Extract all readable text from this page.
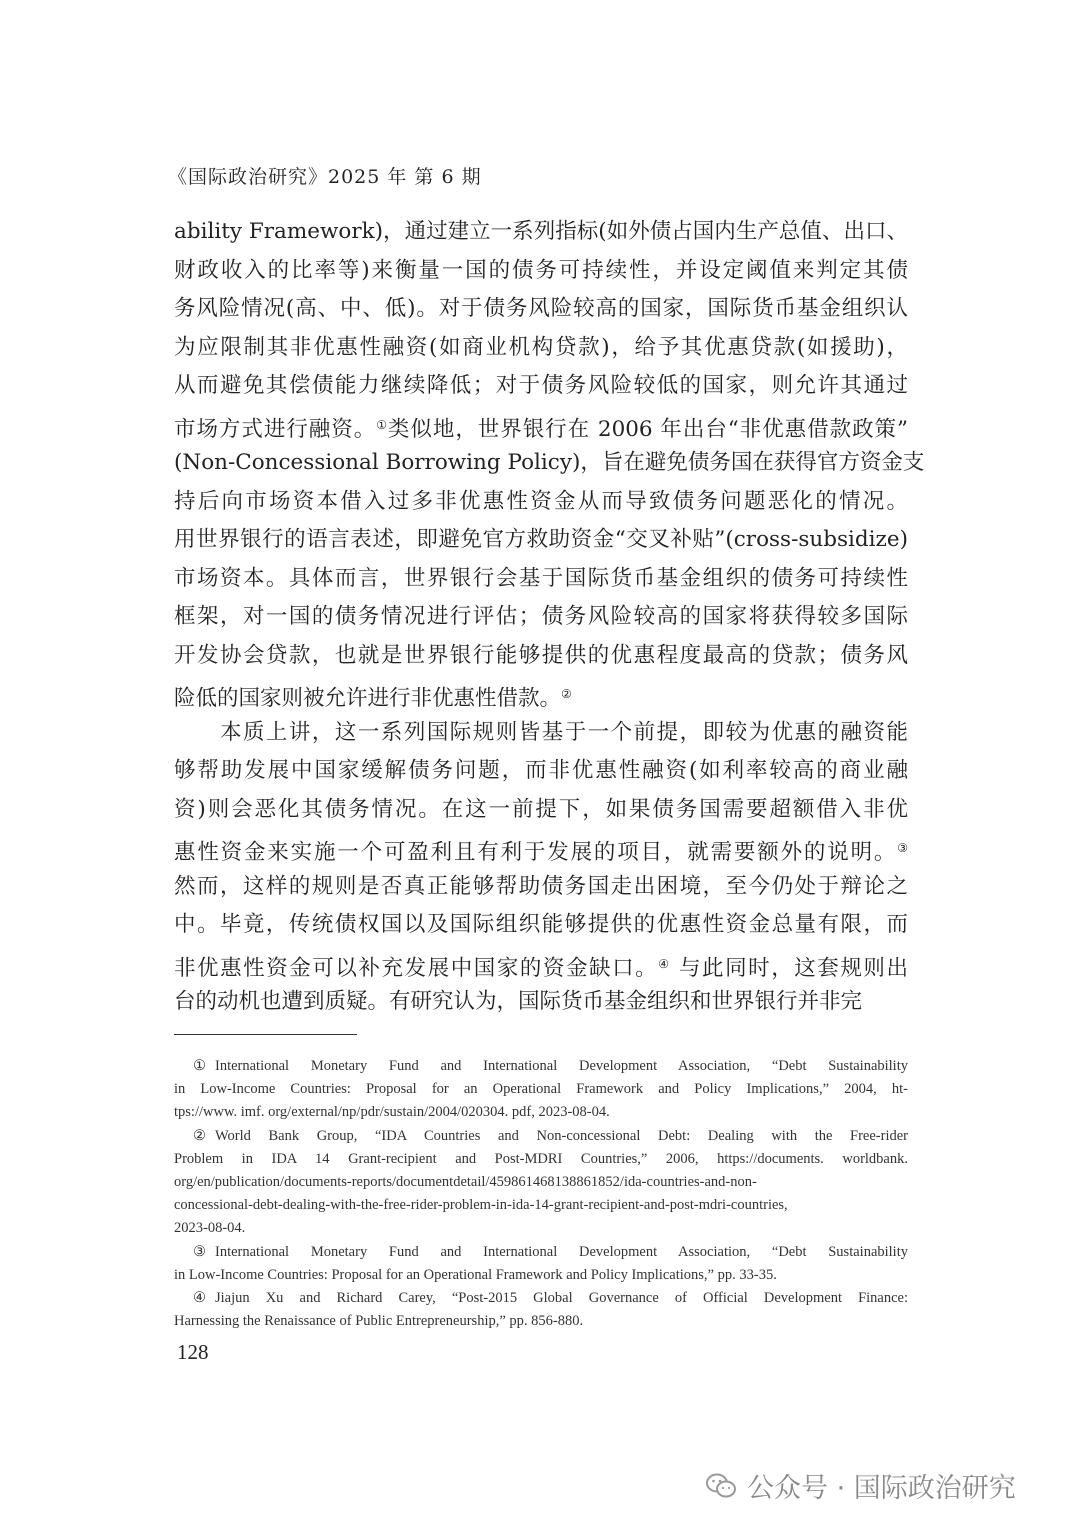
《国际政治研究》2025 年 第 6 期
ability Framework)，通过建立一系列指标(如外债占国内生产总值、出口、
财政收入的比率等)来衡量一国的债务可持续性，并设定阈值来判定其债
务风险情况(高、中、低)。对于债务风险较高的国家，国际货币基金组织认
为应限制其非优惠性融资(如商业机构贷款)，给予其优惠贷款(如援助)，
从而避免其偿债能力继续降低；对于债务风险较低的国家，则允许其通过
市场方式进行融资。①类似地，世界银行在 2006 年出台“非优惠借款政策”
(Non-Concessional Borrowing Policy)，旨在避免债务国在获得官方资金支
持后向市场资本借入过多非优惠性资金从而导致债务问题恶化的情况。
用世界银行的语言表述，即避免官方救助资金“交叉补贴”(cross-subsidize)
市场资本。具体而言，世界银行会基于国际货币基金组织的债务可持续性
框架，对一国的债务情况进行评估；债务风险较高的国家将获得较多国际
开发协会贷款，也就是世界银行能够提供的优惠程度最高的贷款；债务风
险低的国家则被允许进行非优惠性借款。②
　　本质上讲，这一系列国际规则皆基于一个前提，即较为优惠的融资能
够帮助发展中国家缓解债务问题，而非优惠性融资(如利率较高的商业融
资)则会恶化其债务情况。在这一前提下，如果债务国需要超额借入非优
惠性资金来实施一个可盈利且有利于发展的项目，就需要额外的说明。③
然而，这样的规则是否真正能够帮助债务国走出困境，至今仍处于辩论之
中。毕竟，传统债权国以及国际组织能够提供的优惠性资金总量有限，而
非优惠性资金可以补充发展中国家的资金缺口。④ 与此同时，这套规则出
台的动机也遭到质疑。有研究认为，国际货币基金组织和世界银行并非完
① International Monetary Fund and International Development Association, “Debt Sustainability
in Low-Income Countries: Proposal for an Operational Framework and Policy Implications,” 2004, ht-
tps://www. imf. org/external/np/pdr/sustain/2004/020304. pdf, 2023-08-04.
② World Bank Group, “IDA Countries and Non-concessional Debt: Dealing with the Free-rider
Problem in IDA 14 Grant-recipient and Post-MDRI Countries,” 2006, https://documents. worldbank.
org/en/publication/documents-reports/documentdetail/459861468138861852/ida-countries-and-non-
concessional-debt-dealing-with-the-free-rider-problem-in-ida-14-grant-recipient-and-post-mdri-countries,
2023-08-04.
③ International Monetary Fund and International Development Association, “Debt Sustainability
in Low-Income Countries: Proposal for an Operational Framework and Policy Implications,” pp. 33-35.
④ Jiajun Xu and Richard Carey, “Post-2015 Global Governance of Official Development Finance:
Harnessing the Renaissance of Public Entrepreneurship,” pp. 856-880.
128
公众号 · 国际政治研究
